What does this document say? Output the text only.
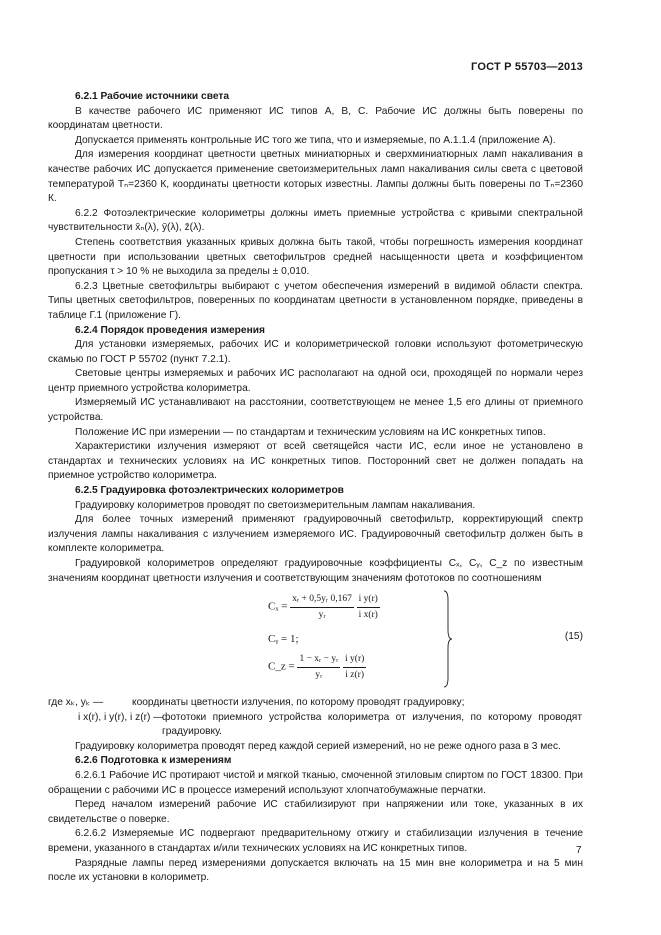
ГОСТ Р 55703—2013

6.2.1 Рабочие источники света

В качестве рабочего ИС применяют ИС типов А, В, С. Рабочие ИС должны быть поверены по координатам цветности.

Допускается применять контрольные ИС того же типа, что и измеряемые, по А.1.1.4 (приложение А).

Для измерения координат цветности цветных миниатюрных и сверхминиатюрных ламп накаливания в качестве рабочих ИС допускается применение светоизмерительных ламп накаливания силы света с цветовой температурой Tₙ=2360 К, координаты цветности которых известны. Лампы должны быть поверены по Tₙ=2360 К.

6.2.2 Фотоэлектрические колориметры должны иметь приемные устройства с кривыми спектральной чувствительности x̄ₙ(λ), ȳ(λ), z̄(λ).

Степень соответствия указанных кривых должна быть такой, чтобы погрешность измерения координат цветности при использовании цветных светофильтров средней насыщенности цвета и коэффициентом пропускания τ > 10 % не выходила за пределы ± 0,010.

6.2.3 Цветные светофильтры выбирают с учетом обеспечения измерений в видимой области спектра. Типы цветных светофильтров, поверенных по координатам цветности в установленном порядке, приведены в таблице Г.1 (приложение Г).

6.2.4 Порядок проведения измерения

Для установки измеряемых, рабочих ИС и колориметрической головки используют фотометрическую скамью по ГОСТ Р 55702 (пункт 7.2.1).

Световые центры измеряемых и рабочих ИС располагают на одной оси, проходящей по нормали через центр приемного устройства колориметра.

Измеряемый ИС устанавливают на расстоянии, соответствующем не менее 1,5 его длины от приемного устройства.

Положение ИС при измерении — по стандартам и техническим условиям на ИС конкретных типов.

Характеристики излучения измеряют от всей светящейся части ИС, если иное не установлено в стандартах и технических условиях на ИС конкретных типов. Посторонний свет не должен попадать на приемное устройство колориметра.

6.2.5 Градуировка фотоэлектрических колориметров

Градуировку колориметров проводят по светоизмерительным лампам накаливания.

Для более точных измерений применяют градуировочный светофильтр, корректирующий спектр излучения лампы накаливания с излучением измеряемого ИС. Градуировочный светофильтр должен быть в комплекте колориметра.

Градуировкой колориметров определяют градуировочные коэффициенты Cₓ, Cᵧ, C_z по известным значениям координат цветности излучения и соответствующим значениям фототоков по соотношениям

$C_x = \frac{\text{xᵣ + 0,5yᵣ 0,167}}{\text{yᵣ}}$
$\frac{\text{i y(r)}}{\text{i x(r)}}$
Cᵧ = 1;
C_z = $\frac{\text{1 − xᵣ − yᵣ}}{\text{yᵣ}}$
$\frac{\text{i y(r)}}{\text{i z(r)}}$
(15)
где xₖ, yₖ —	координаты цветности излучения, по которому проводят градуировку;
i x(r), i y(r), i z(r) —
фототоки приемного устройства колориметра от излучения, по которому проводят градуировку.

Градуировку колориметра проводят перед каждой серией измерений, но не реже одного раза в 3 мес.

6.2.6 Подготовка к измерениям

6.2.6.1 Рабочие ИС протирают чистой и мягкой тканью, смоченной этиловым спиртом по ГОСТ 18300. При обращении с рабочими ИС в процессе измерений используют хлопчатобумажные перчатки.

Перед началом измерений рабочие ИС стабилизируют при напряжении или токе, указанных в их свидетельстве о поверке.

6.2.6.2 Измеряемые ИС подвергают предварительному отжигу и стабилизации излучения в течение времени, указанного в стандартах и/или технических условиях на ИС конкретных типов.

Разрядные лампы перед измерениями допускается включать на 15 мин вне колориметра и на 5 мин после их установки в колориметр.

7
